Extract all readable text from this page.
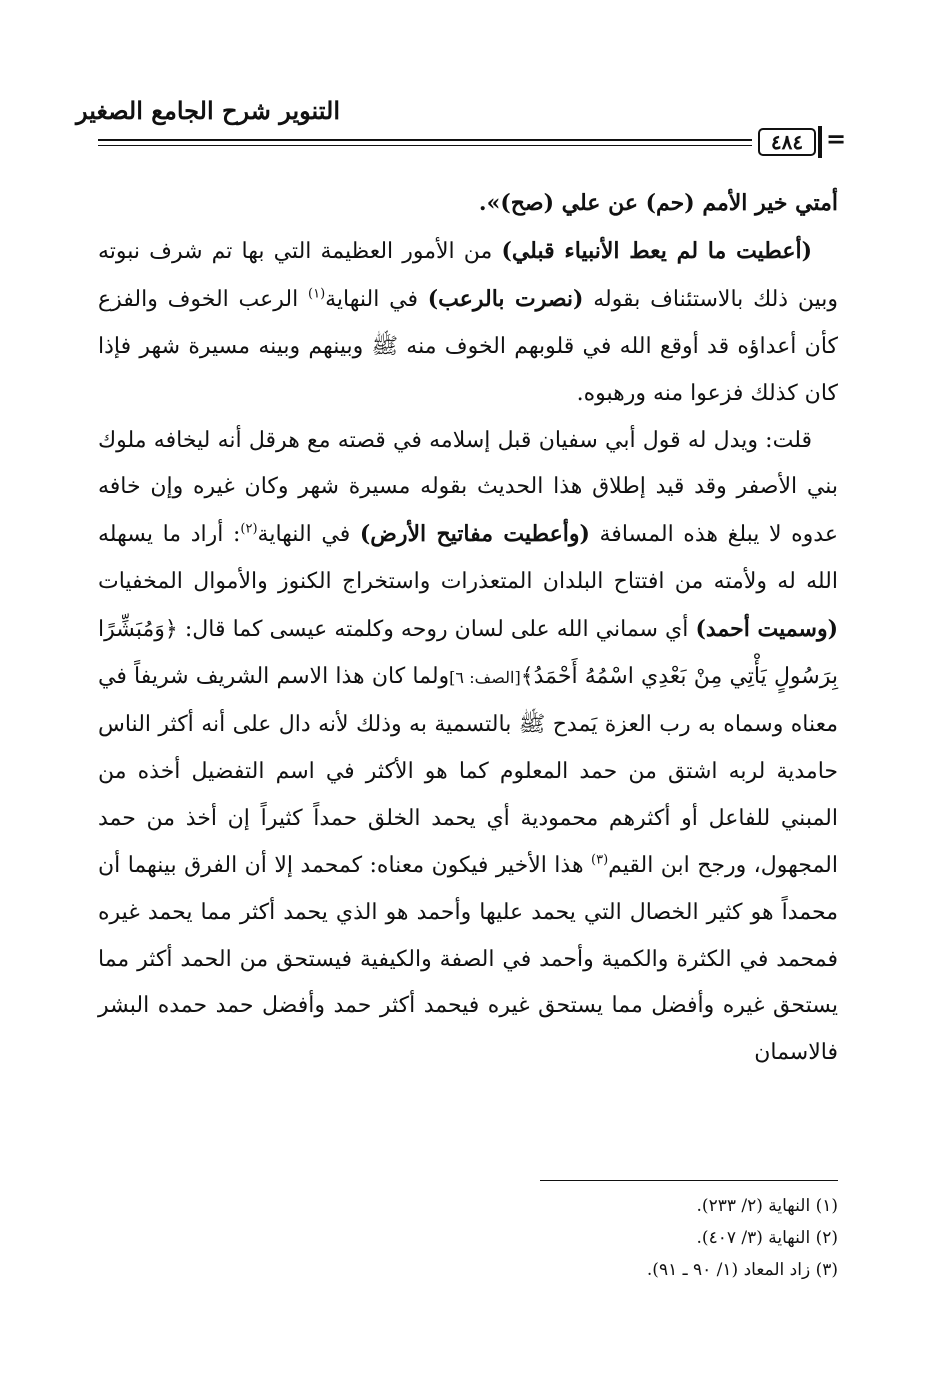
التنوير شرح الجامع الصغير
٤٨٤ =

أمتي خير الأمم (حم) عن علي (صح)».

(أعطيت ما لم يعط الأنبياء قبلي) من الأمور العظيمة التي بها تم شرف نبوته وبين ذلك بالاستئناف بقوله (نصرت بالرعب) في النهاية$^{(١)}$ الرعب الخوف والفزع كأن أعداؤه قد أوقع الله في قلوبهم الخوف منه ﷺ وبينهم وبينه مسيرة شهر فإذا كان كذلك فزعوا منه ورهبوه.

قلت: ويدل له قول أبي سفيان قبل إسلامه في قصته مع هرقل أنه ليخافه ملوك بني الأصفر وقد قيد إطلاق هذا الحديث بقوله مسيرة شهر وكان غيره وإن خافه عدوه لا يبلغ هذه المسافة (وأعطيت مفاتيح الأرض) في النهاية$^{(٢)}$: أراد ما يسهله الله له ولأمته من افتتاح البلدان المتعذرات واستخراج الكنوز والأموال المخفيات (وسميت أحمد) أي سماني الله على لسان روحه وكلمته عيسى كما قال: ﴿وَمُبَشِّرًا بِرَسُولٍ يَأْتِي مِنْ بَعْدِي اسْمُهُ أَحْمَدُ﴾[الصف: ٦]ولما كان هذا الاسم الشريف شريفاً في معناه وسماه به رب العزة يَمدح ﷺ بالتسمية به وذلك لأنه دال على أنه أكثر الناس حامدية لربه اشتق من حمد المعلوم كما هو الأكثر في اسم التفضيل أخذه من المبني للفاعل أو أكثرهم محمودية أي يحمد الخلق حمداً كثيراً إن أخذ من حمد المجهول، ورجح ابن القيم$^{(٣)}$ هذا الأخير فيكون معناه: كمحمد إلا أن الفرق بينهما أن محمداً هو كثير الخصال التي يحمد عليها وأحمد هو الذي يحمد أكثر مما يحمد غيره فمحمد في الكثرة والكمية وأحمد في الصفة والكيفية فيستحق من الحمد أكثر مما يستحق غيره وأفضل مما يستحق غيره فيحمد أكثر حمد وأفضل حمد حمده البشر فالاسمان

(١) النهاية (٢/ ٢٣٣).
(٢) النهاية (٣/ ٤٠٧).
(٣) زاد المعاد (١/ ٩٠ ـ ٩١).
